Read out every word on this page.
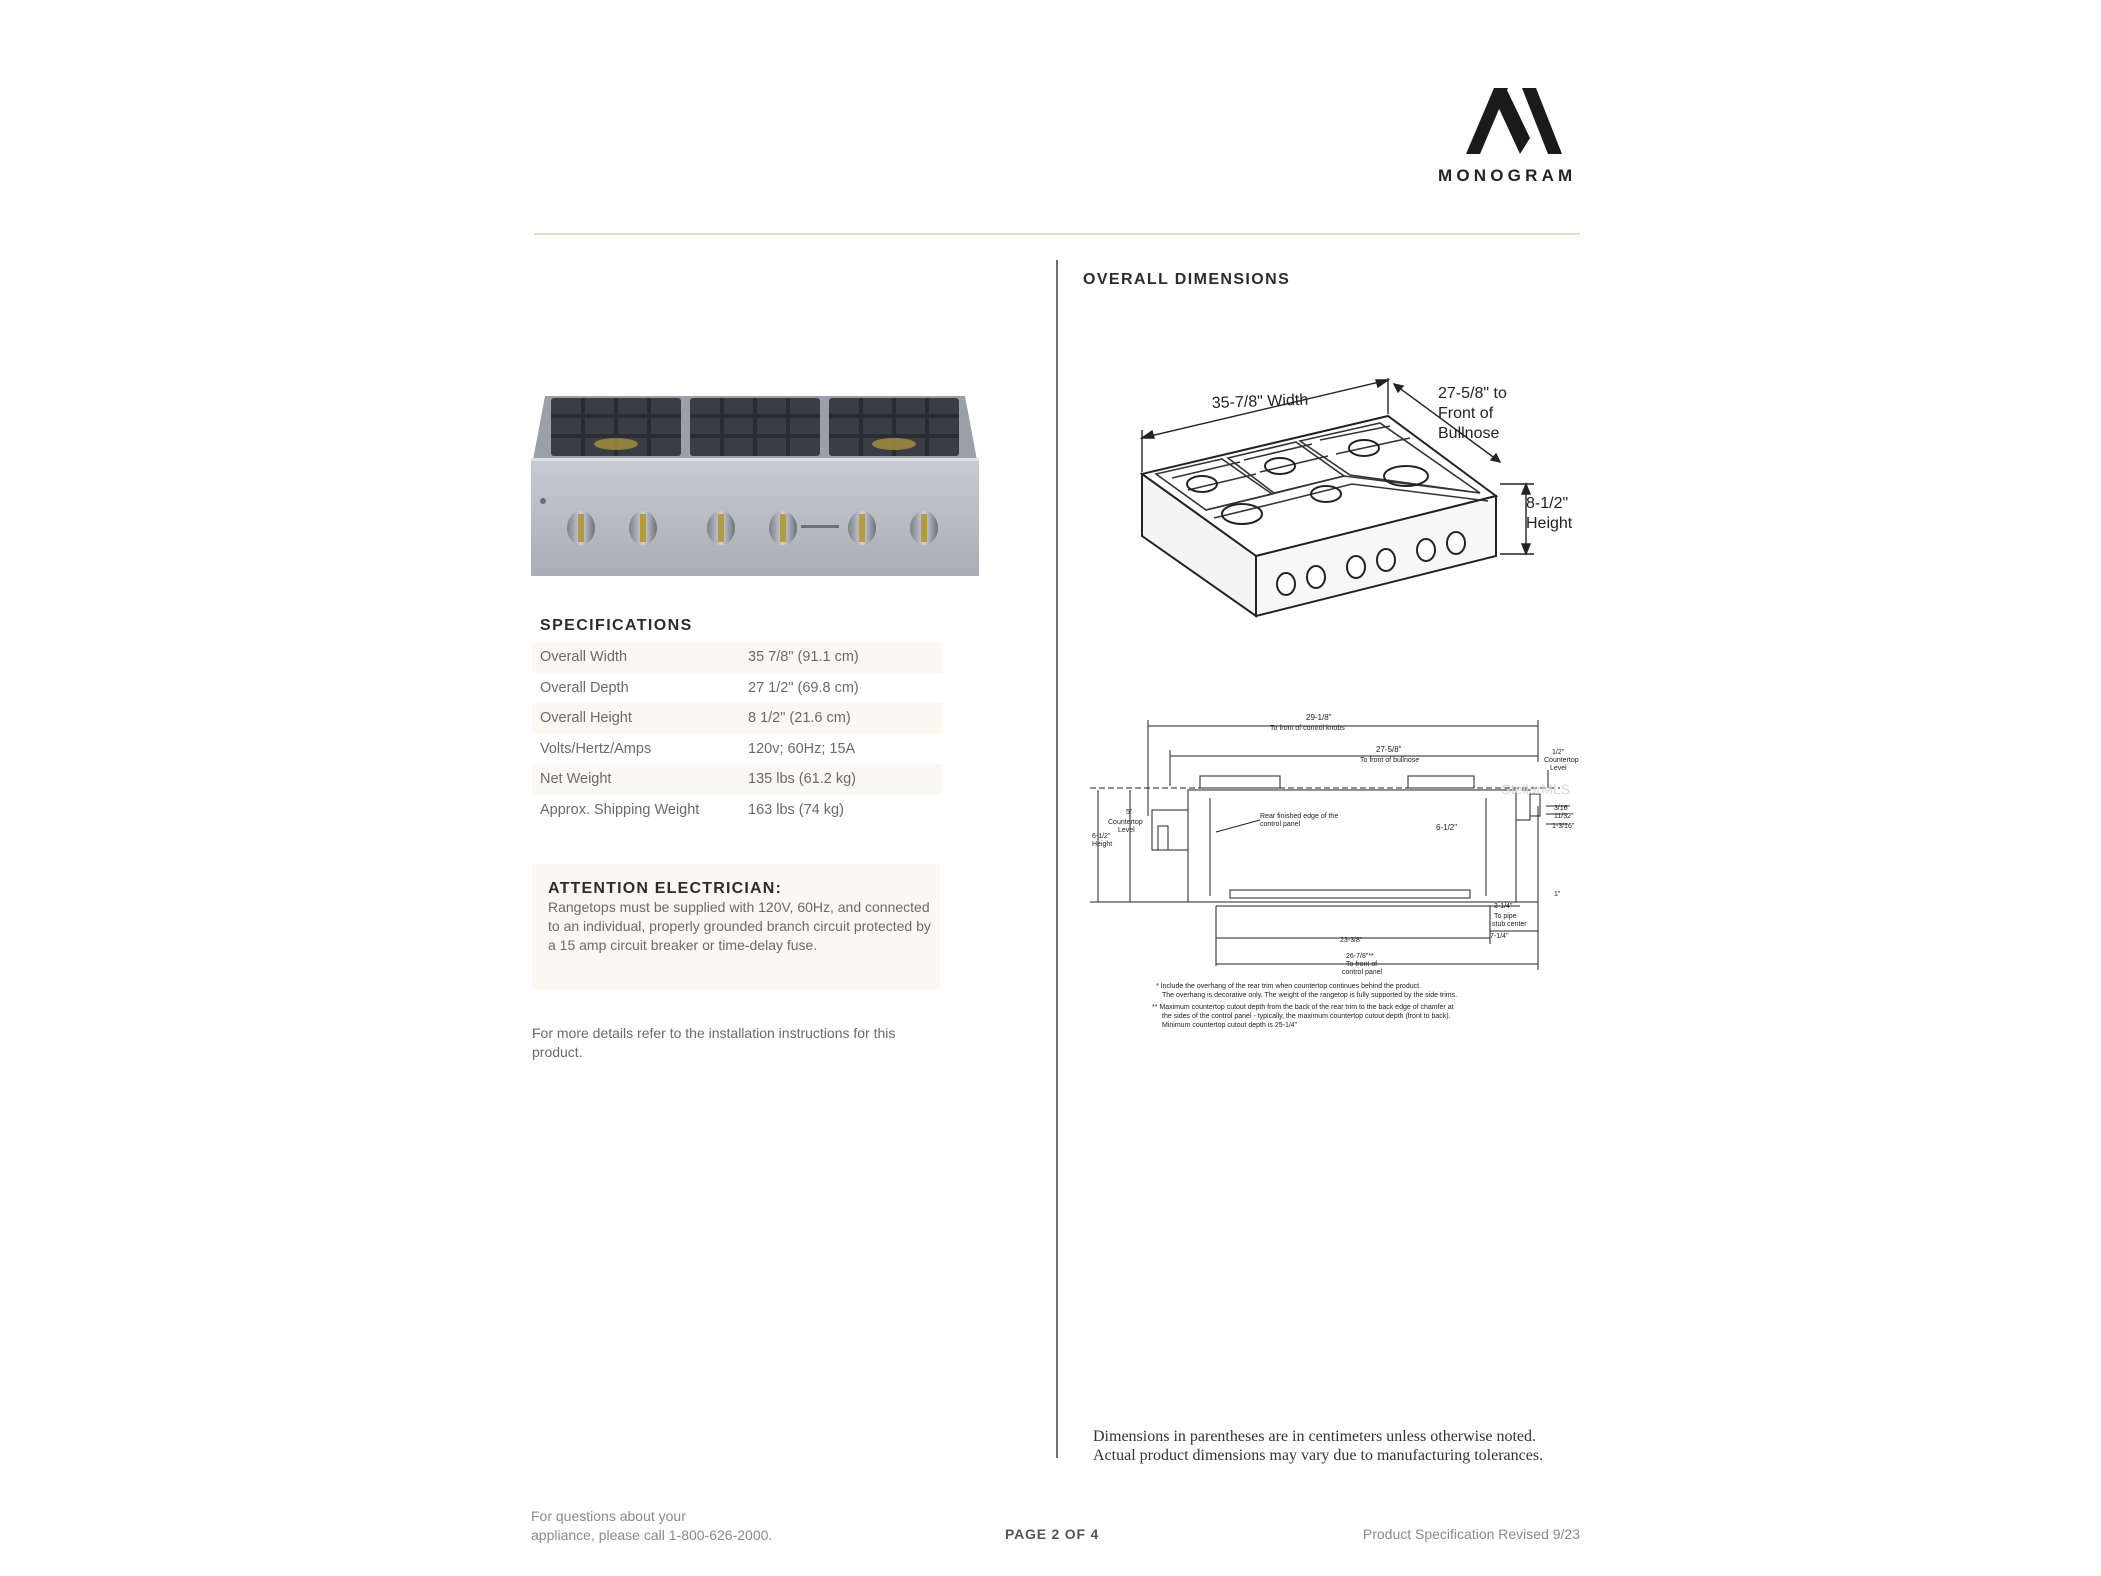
MONOGRAM
SPECIFICATIONS
Overall Width	35 7/8" (91.1 cm)
Overall Depth	27 1/2" (69.8 cm)
Overall Height	8 1/2" (21.6 cm)
Volts/Hertz/Amps	120v; 60Hz; 15A
Net Weight	135 lbs (61.2 kg)
Approx. Shipping Weight	163 lbs (74 kg)
ATTENTION ELECTRICIAN:
Rangetops must be supplied with 120V, 60Hz, and connected to an individual, properly grounded branch circuit protected by a 15 amp circuit breaker or time-delay fuse.
For more details refer to the installation instructions for this product.
OVERALL DIMENSIONS
35-7/8" Width	27-5/8" to
Front of
Bullnose
8-1/2"
Height
29-1/8"
To front of control knobs
27-5/8"
To front of bullnose
1/2"
Countertop
Level
3/16"
11/32"
1-3/16"
5"
Countertop
Level
6-1/2"
Height
Rear finished edge of the
control panel	6-1/2"
1"
3-1/4"
To pipe
stub center
7-1/4"
23-3/8"
26-7/8"**
To front of
control panel
* Include the overhang of the rear trim when countertop continues behind the product.
The overhang is decorative only. The weight of the rangetop is fully supported by the side trims.
** Maximum countertop cutout depth from the back of the rear trim to the back edge of chamfer at
the sides of the control panel - typically, the maximum countertop cutout depth (front to back).
Minimum countertop cutout depth is 25-1/4"
StellarMLS
Dimensions in parentheses are in centimeters unless otherwise noted.
Actual product dimensions may vary due to manufacturing tolerances.
For questions about your
appliance, please call 1-800-626-2000.	PAGE 2 OF 4	Product Specification Revised 9/23
